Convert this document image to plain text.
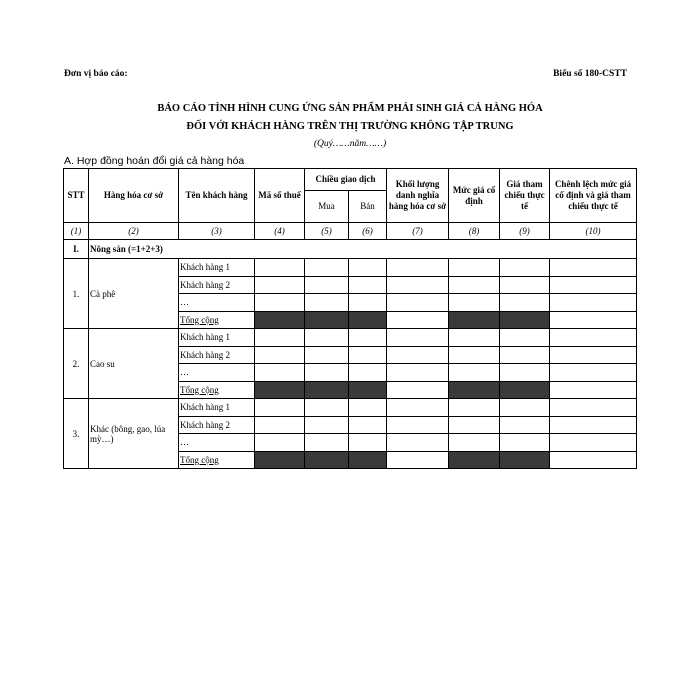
Đơn vị báo cáo:	Biểu số 180-CSTT
BÁO CÁO TÌNH HÌNH CUNG ỨNG SẢN PHẨM PHÁI SINH GIÁ CẢ HÀNG HÓA
ĐỐI VỚI KHÁCH HÀNG TRÊN THỊ TRƯỜNG KHÔNG TẬP TRUNG
(Quý……năm……)
A. Hợp đồng hoán đổi giá cả hàng hóa
STT	Hàng hóa cơ sở	Tên khách hàng	Mã số thuế	Chiều giao dịch		Khối lượng danh nghĩa hàng hóa cơ sở	Mức giá cố định	Giá tham chiếu thực tế	Chênh lệch mức giá cố định và giá tham chiếu thực tế
				Mua	Bán				
(1)	(2)	(3)	(4)	(5)	(6)	(7)	(8)	(9)	(10)
I.	Nông sản (=1+2+3)								
1.	Cà phê	Khách hàng 1							
		Khách hàng 2							
		…							
		Tổng cộng							
2.	Cao su	Khách hàng 1							
		Khách hàng 2							
		…							
		Tổng cộng							
3.	Khác (bông, gao, lúa mỳ…)	Khách hàng 1							
		Khách hàng 2							
		…							
		Tổng cộng							
